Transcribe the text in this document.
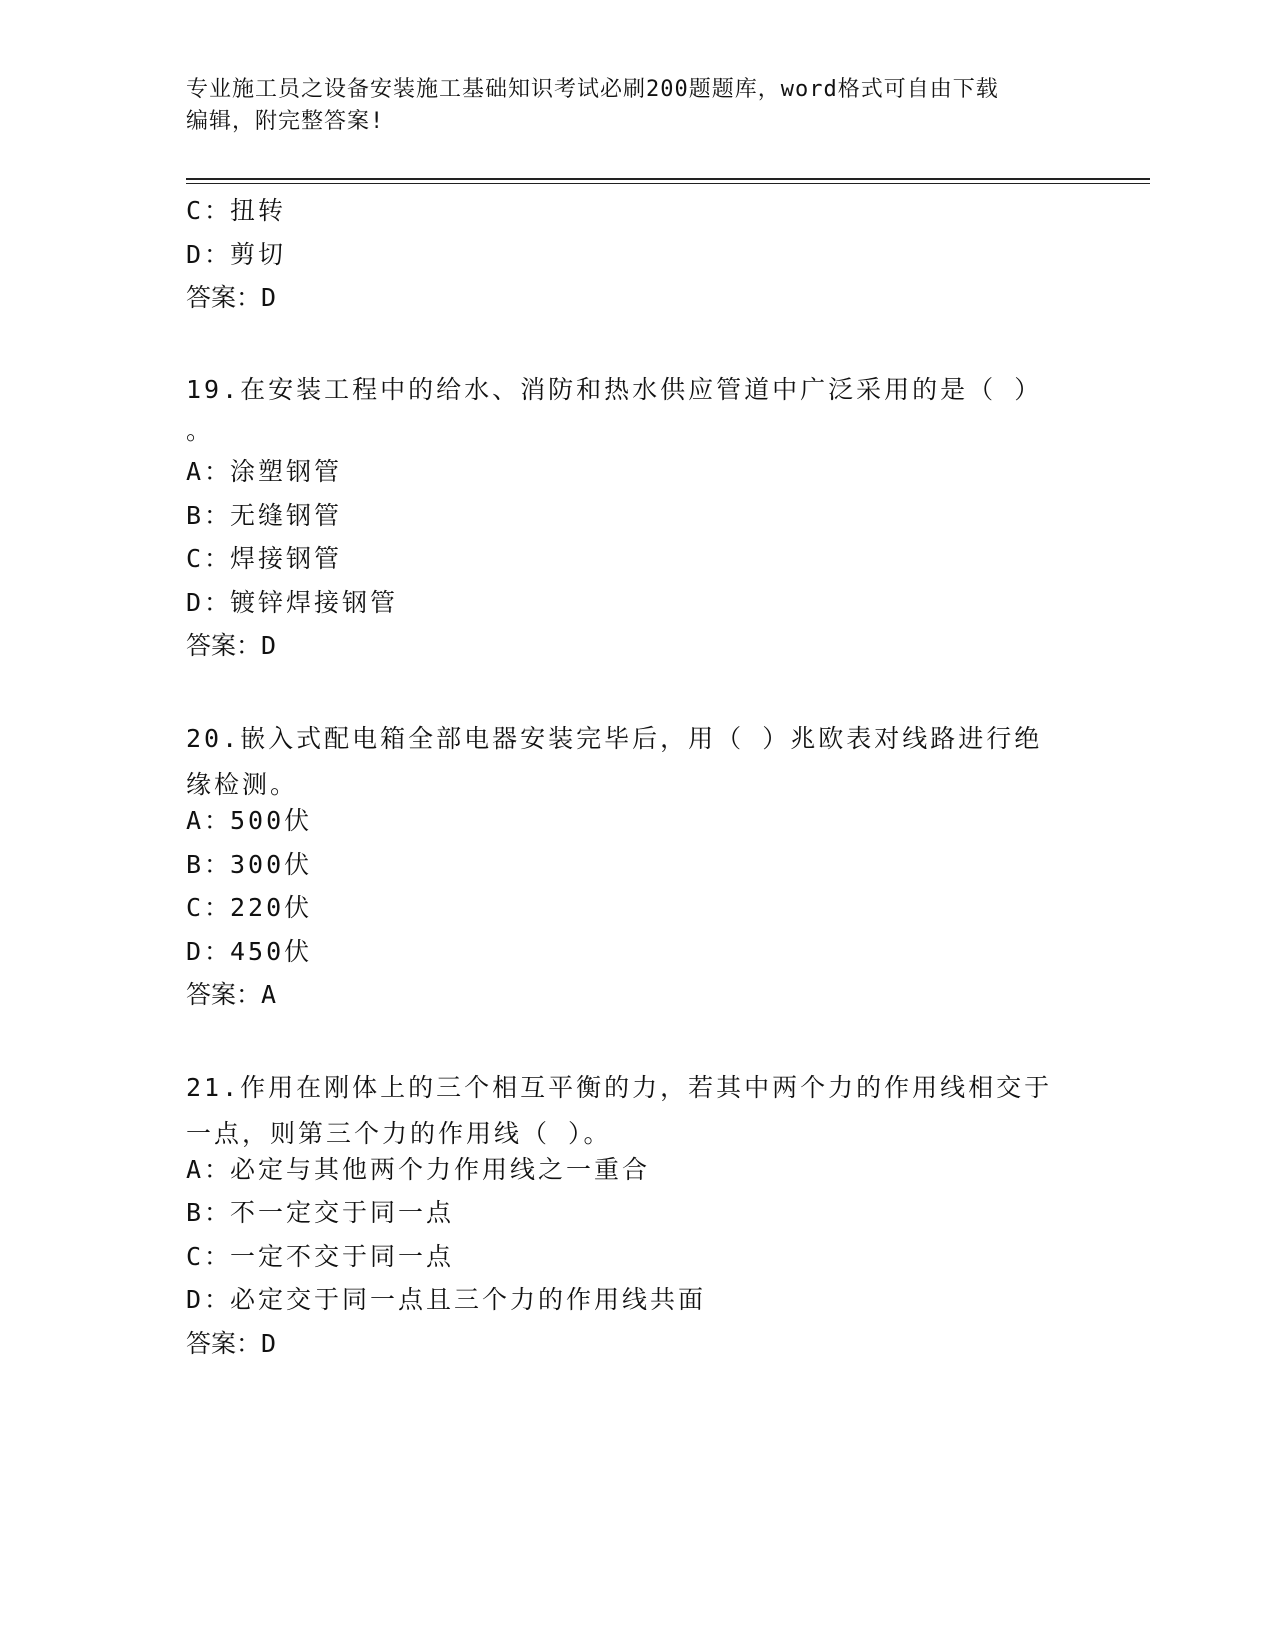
专业施工员之设备安装施工基础知识考试必刷200题题库，word格式可自由下载
编辑，附完整答案!
C：扭转
D：剪切
答案：D
19.在安装工程中的给水、消防和热水供应管道中广泛采用的是（ ）
。
A：涂塑钢管
B：无缝钢管
C：焊接钢管
D：镀锌焊接钢管
答案：D
20.嵌入式配电箱全部电器安装完毕后，用（ ）兆欧表对线路进行绝
缘检测。
A：500伏
B：300伏
C：220伏
D：450伏
答案：A
21.作用在刚体上的三个相互平衡的力，若其中两个力的作用线相交于
一点，则第三个力的作用线（ ）。
A：必定与其他两个力作用线之一重合
B：不一定交于同一点
C：一定不交于同一点
D：必定交于同一点且三个力的作用线共面
答案：D
